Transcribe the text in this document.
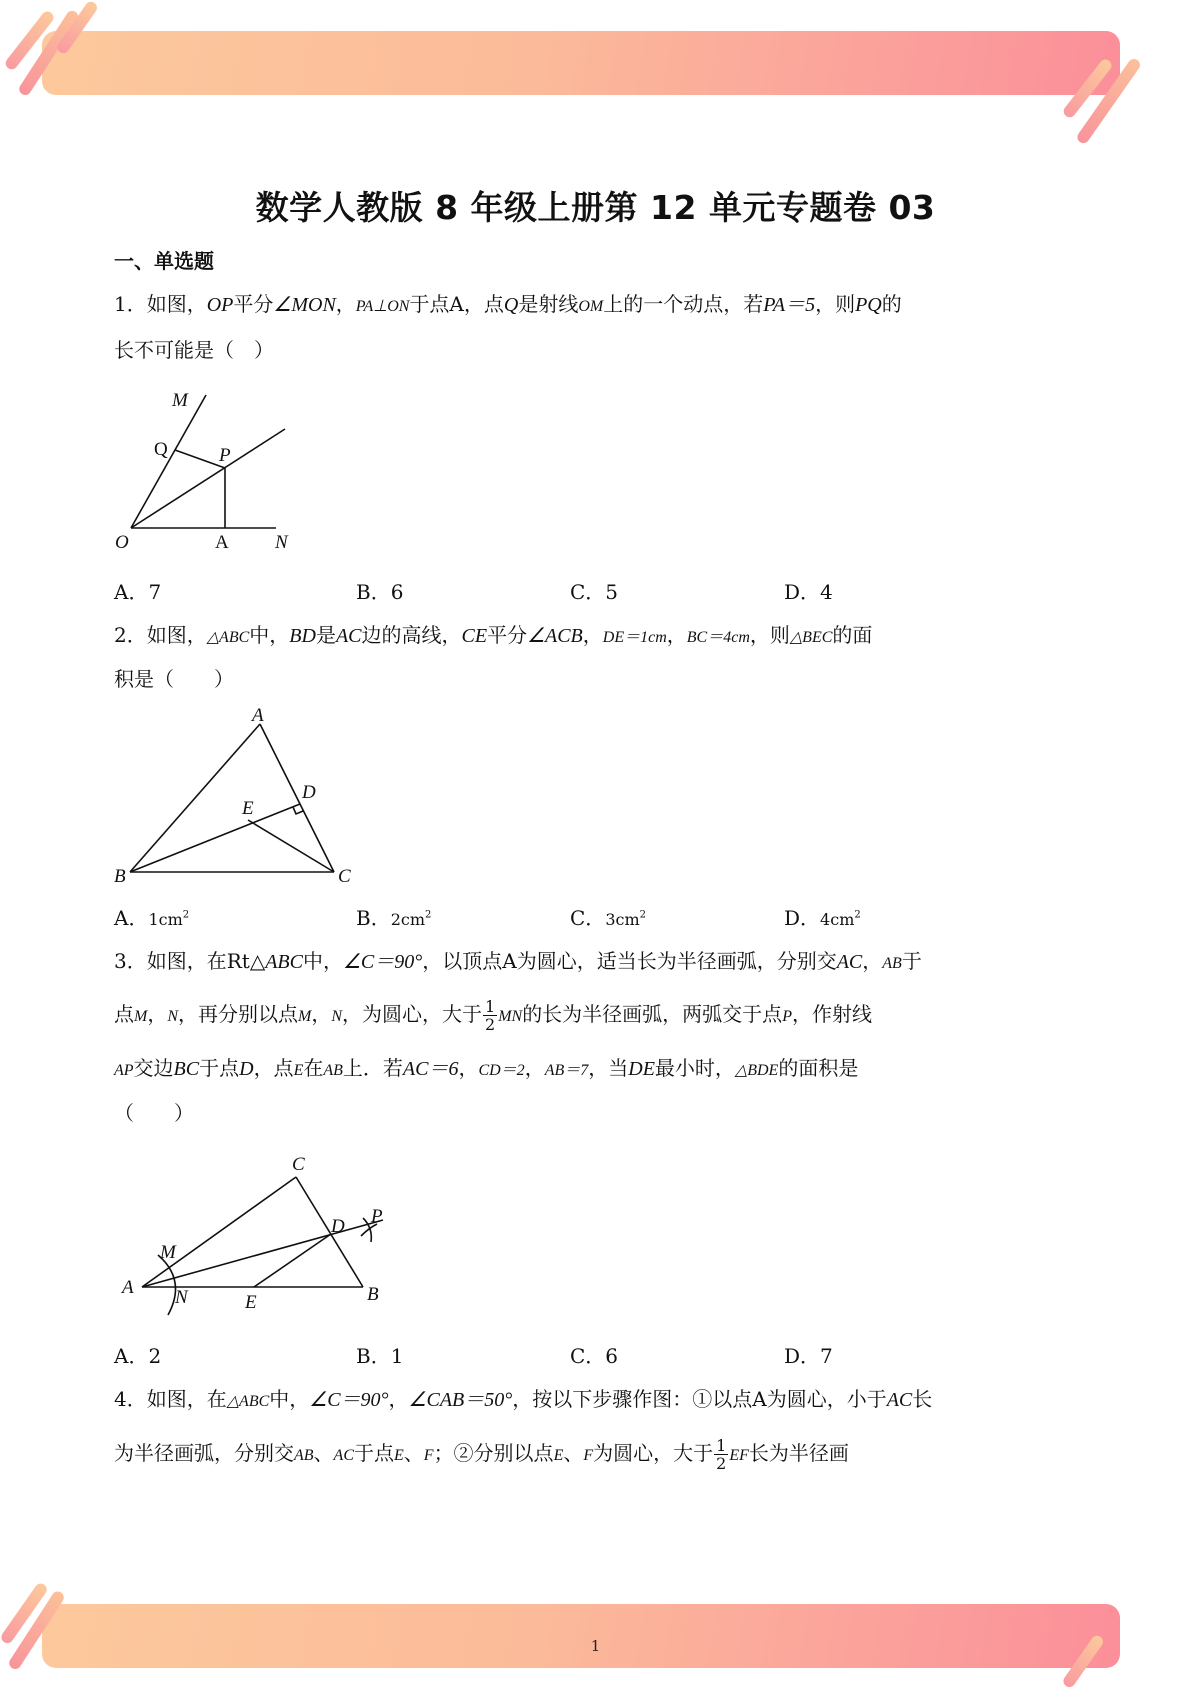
1
数学人教版 8 年级上册第 12 单元专题卷 03
一、单选题
1．如图，OP平分∠MON，PA⊥ON于点A，点Q是射线OM上的一个动点，若PA＝5，则PQ的
长不可能是（　）
M
Q	P
O	A N
A．7	B．6	C．5	D．4
2．如图，△ABC中，BD是AC边的高线，CE平分∠ACB，DE＝1cm，BC＝4cm，则△BEC的面
积是（　　）
A
D
E
B	C
A．$1cm^2$	B．$2cm^2$	C．$3cm^2$	D．$4cm^2$
3．如图，在Rt△ABC中，∠C＝90°，以顶点A为圆心，适当长为半径画弧，分别交AC，AB于
点M，N，再分别以点M，N，为圆心，大于 $\frac{1}{2}$ MN的长为半径画弧，两弧交于点P，作射线
AP交边BC于点D，点E在AB上．若AC＝6，CD＝2，AB＝7，当DE最小时，△BDE的面积是
（　　）
C
M
D P
A N	E	B
A．2	B．1	C．6	D．7
4．如图，在△ABC中，∠C＝90°，∠CAB＝50°，按以下步骤作图：①以点A为圆心，小于AC长
为半径画弧，分别交AB、AC于点E、F；②分别以点E、F为圆心，大于 $\frac{1}{2}$ EF长为半径画
